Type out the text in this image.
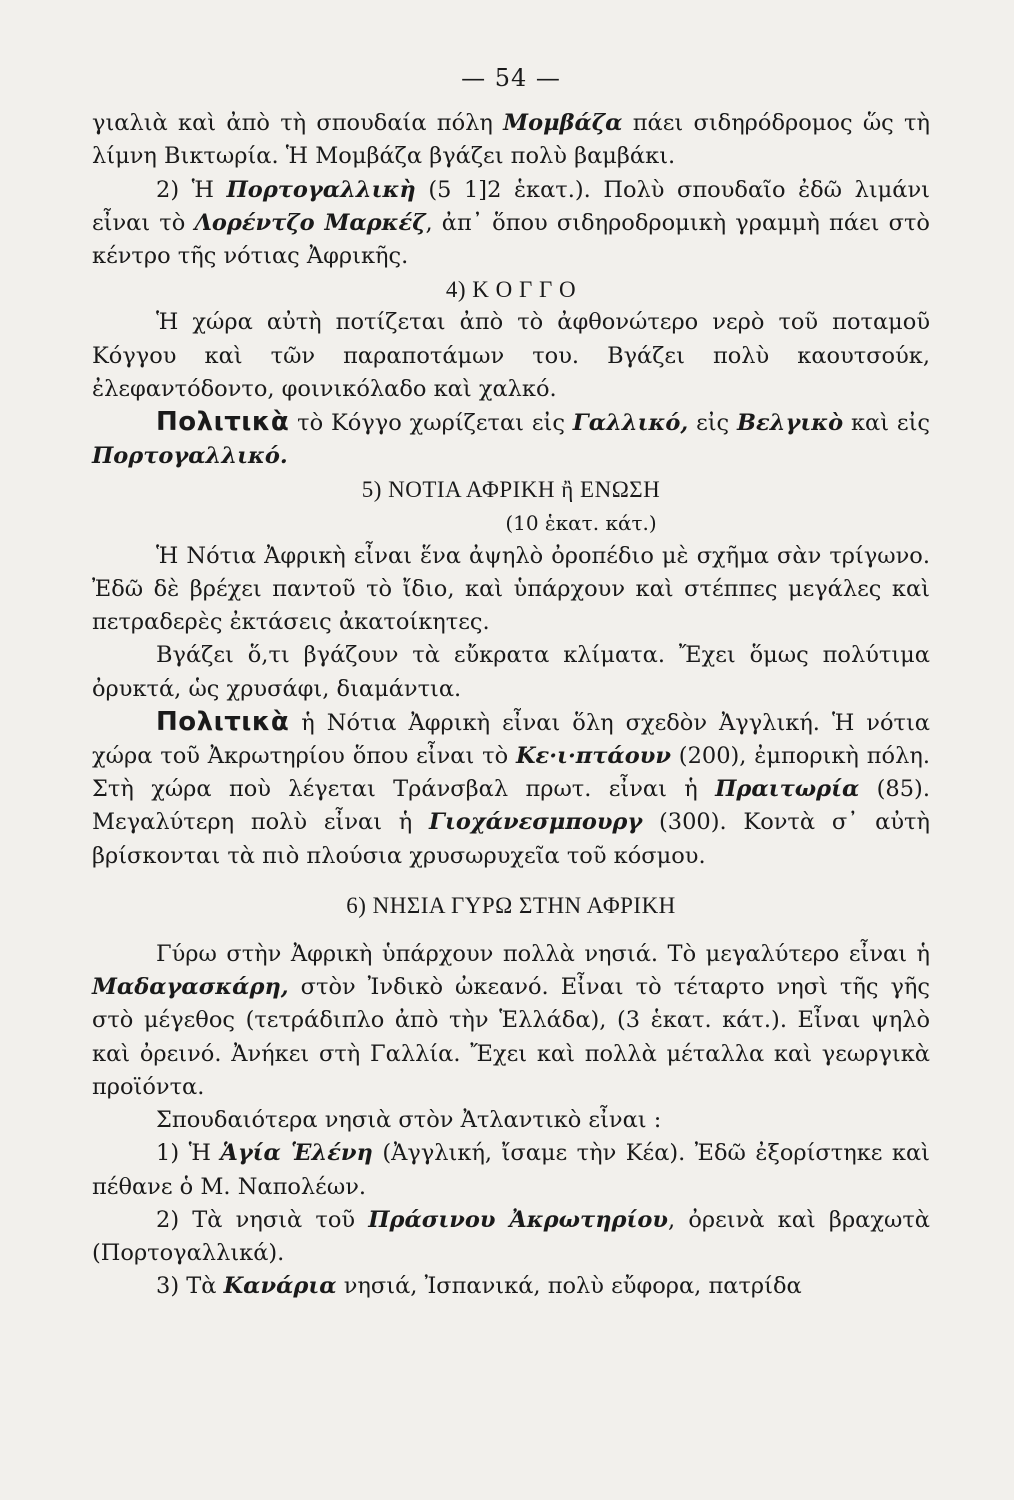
— 54 —

γιαλιὰ καὶ ἀπὸ τὴ σπουδαία πόλη Μομβάζα πάει σιδηρόδρομος ὥς τὴ λίμνη Βικτωρία. Ἡ Μομβάζα βγάζει πολὺ βαμβάκι.

2) Ἡ Πορτογαλλικὴ (5 1]2 ἑκατ.). Πολὺ σπουδαῖο ἐδῶ λιμάνι εἶναι τὸ Λορέντζο Μαρκέζ, ἀπ᾽ ὅπου σιδηροδρομικὴ γραμμὴ πάει στὸ κέντρο τῆς νότιας Ἀφρικῆς.

4) Κ Ο Γ Γ Ο

Ἡ χώρα αὐτὴ ποτίζεται ἀπὸ τὸ ἀφθονώτερο νερὸ τοῦ ποταμοῦ Κόγγου καὶ τῶν παραποτάμων του. Βγάζει πολὺ καουτσούκ, ἐλεφαντόδοντο, φοινικόλαδο καὶ χαλκό.

Πολιτικὰ τὸ Κόγγο χωρίζεται εἰς Γαλλικό, εἰς Βελγικὸ καὶ εἰς Πορτογαλλικό.

5) ΝΟΤΙΑ ΑΦΡΙΚΗ ἢ ΕΝΩΣΗ
(10 ἑκατ. κάτ.)

Ἡ Νότια Ἀφρικὴ εἶναι ἕνα ἀψηλὸ ὀροπέδιο μὲ σχῆμα σὰν τρίγωνο. Ἐδῶ δὲ βρέχει παντοῦ τὸ ἴδιο, καὶ ὑπάρχουν καὶ στέππες μεγάλες καὶ πετραδερὲς ἐκτάσεις ἀκατοίκητες.

Βγάζει ὅ,τι βγάζουν τὰ εὔκρατα κλίματα. Ἔχει ὅμως πολύτιμα ὀρυκτά, ὡς χρυσάφι, διαμάντια.

Πολιτικὰ ἡ Νότια Ἀφρικὴ εἶναι ὅλη σχεδὸν Ἀγγλική. Ἡ νότια χώρα τοῦ Ἀκρωτηρίου ὅπου εἶναι τὸ Κε·ι·πτάουν (200), ἐμπορικὴ πόλη. Στὴ χώρα ποὺ λέγεται Τράνσβαλ πρωτ. εἶναι ἡ Πραιτωρία (85). Μεγαλύτερη πολὺ εἶναι ἡ Γιοχάνεσμπουργ (300). Κοντὰ σ᾽ αὐτὴ βρίσκονται τὰ πιὸ πλούσια χρυσωρυχεῖα τοῦ κόσμου.

6) ΝΗΣΙΑ ΓΥΡΩ ΣΤΗΝ ΑΦΡΙΚΗ

Γύρω στὴν Ἀφρικὴ ὑπάρχουν πολλὰ νησιά. Τὸ μεγαλύτερο εἶναι ἡ Μαδαγασκάρη, στὸν Ἰνδικὸ ὠκεανό. Εἶναι τὸ τέταρτο νησὶ τῆς γῆς στὸ μέγεθος (τετράδιπλο ἀπὸ τὴν Ἑλλάδα), (3 ἑκατ. κάτ.). Εἶναι ψηλὸ καὶ ὀρεινό. Ἀνήκει στὴ Γαλλία. Ἔχει καὶ πολλὰ μέταλλα καὶ γεωργικὰ προϊόντα.

Σπουδαιότερα νησιὰ στὸν Ἀτλαντικὸ εἶναι :

1) Ἡ Ἁγία Ἑλένη (Ἀγγλική, ἴσαμε τὴν Κέα). Ἐδῶ ἐξορίστηκε καὶ πέθανε ὁ Μ. Ναπολέων.

2) Τὰ νησιὰ τοῦ Πράσινου Ἀκρωτηρίου, ὀρεινὰ καὶ βραχωτὰ (Πορτογαλλικά).

3) Τὰ Κανάρια νησιά, Ἰσπανικά, πολὺ εὔφορα, πατρίδα
